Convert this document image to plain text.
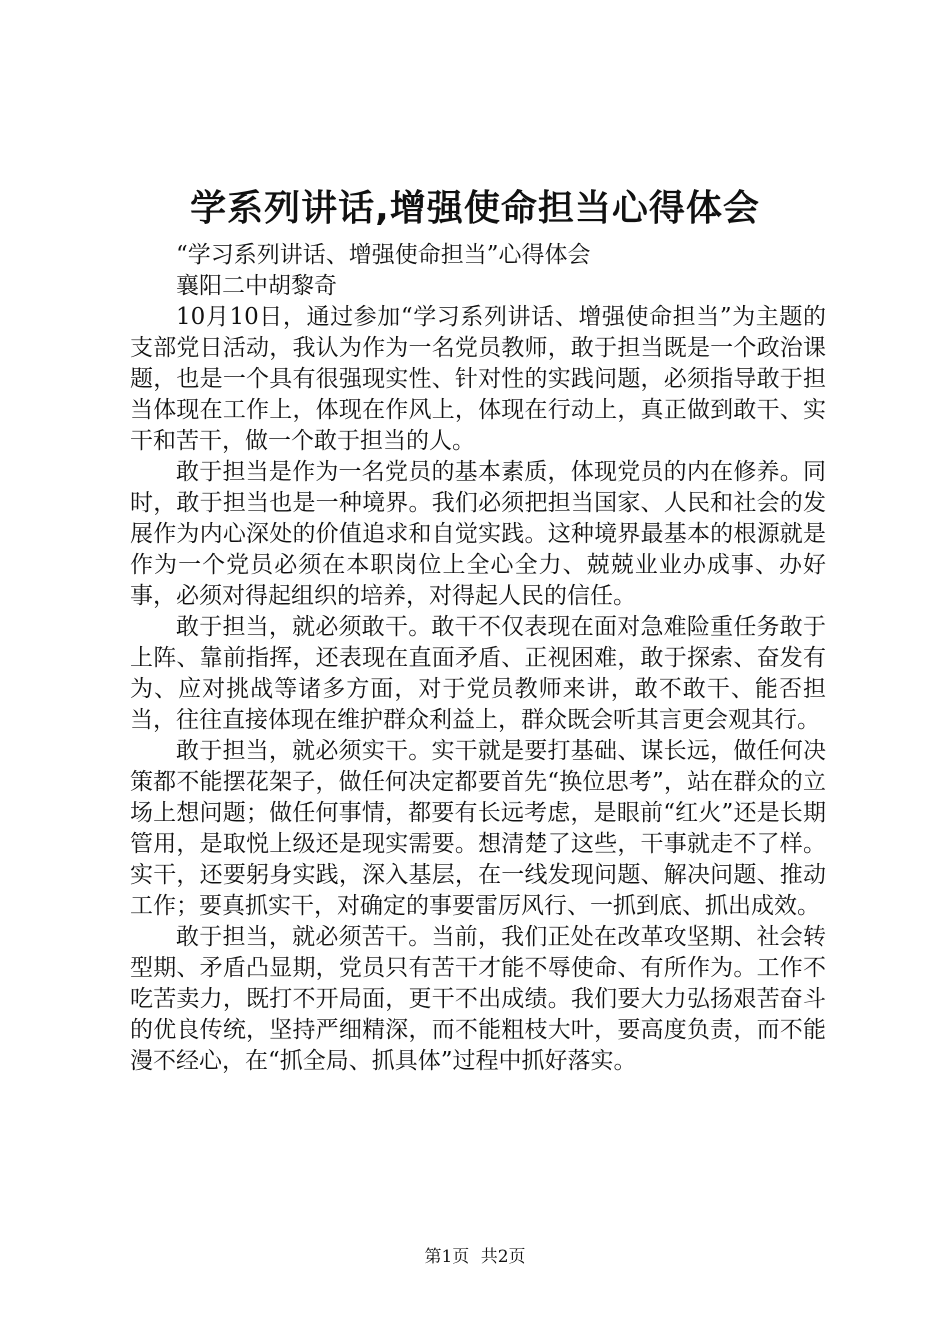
学系列讲话,增强使命担当心得体会

“学习系列讲话、增强使命担当”心得体会

襄阳二中胡黎奇

10月10日，通过参加“学习系列讲话、增强使命担当”为主题的支部党日活动，我认为作为一名党员教师，敢于担当既是一个政治课题，也是一个具有很强现实性、针对性的实践问题，必须指导敢于担当体现在工作上，体现在作风上，体现在行动上，真正做到敢干、实干和苦干，做一个敢于担当的人。

敢于担当是作为一名党员的基本素质，体现党员的内在修养。同时，敢于担当也是一种境界。我们必须把担当国家、人民和社会的发展作为内心深处的价值追求和自觉实践。这种境界最基本的根源就是作为一个党员必须在本职岗位上全心全力、兢兢业业办成事、办好事，必须对得起组织的培养，对得起人民的信任。

敢于担当，就必须敢干。敢干不仅表现在面对急难险重任务敢于上阵、靠前指挥，还表现在直面矛盾、正视困难，敢于探索、奋发有为、应对挑战等诸多方面，对于党员教师来讲，敢不敢干、能否担当，往往直接体现在维护群众利益上，群众既会听其言更会观其行。

敢于担当，就必须实干。实干就是要打基础、谋长远，做任何决策都不能摆花架子，做任何决定都要首先“换位思考”，站在群众的立场上想问题；做任何事情，都要有长远考虑，是眼前“红火”还是长期管用，是取悦上级还是现实需要。想清楚了这些，干事就走不了样。实干，还要躬身实践，深入基层，在一线发现问题、解决问题、推动工作；要真抓实干，对确定的事要雷厉风行、一抓到底、抓出成效。

敢于担当，就必须苦干。当前，我们正处在改革攻坚期、社会转型期、矛盾凸显期，党员只有苦干才能不辱使命、有所作为。工作不吃苦卖力，既打不开局面，更干不出成绩。我们要大力弘扬艰苦奋斗的优良传统，坚持严细精深，而不能粗枝大叶，要高度负责，而不能漫不经心，在“抓全局、抓具体”过程中抓好落实。

第1页 共2页
